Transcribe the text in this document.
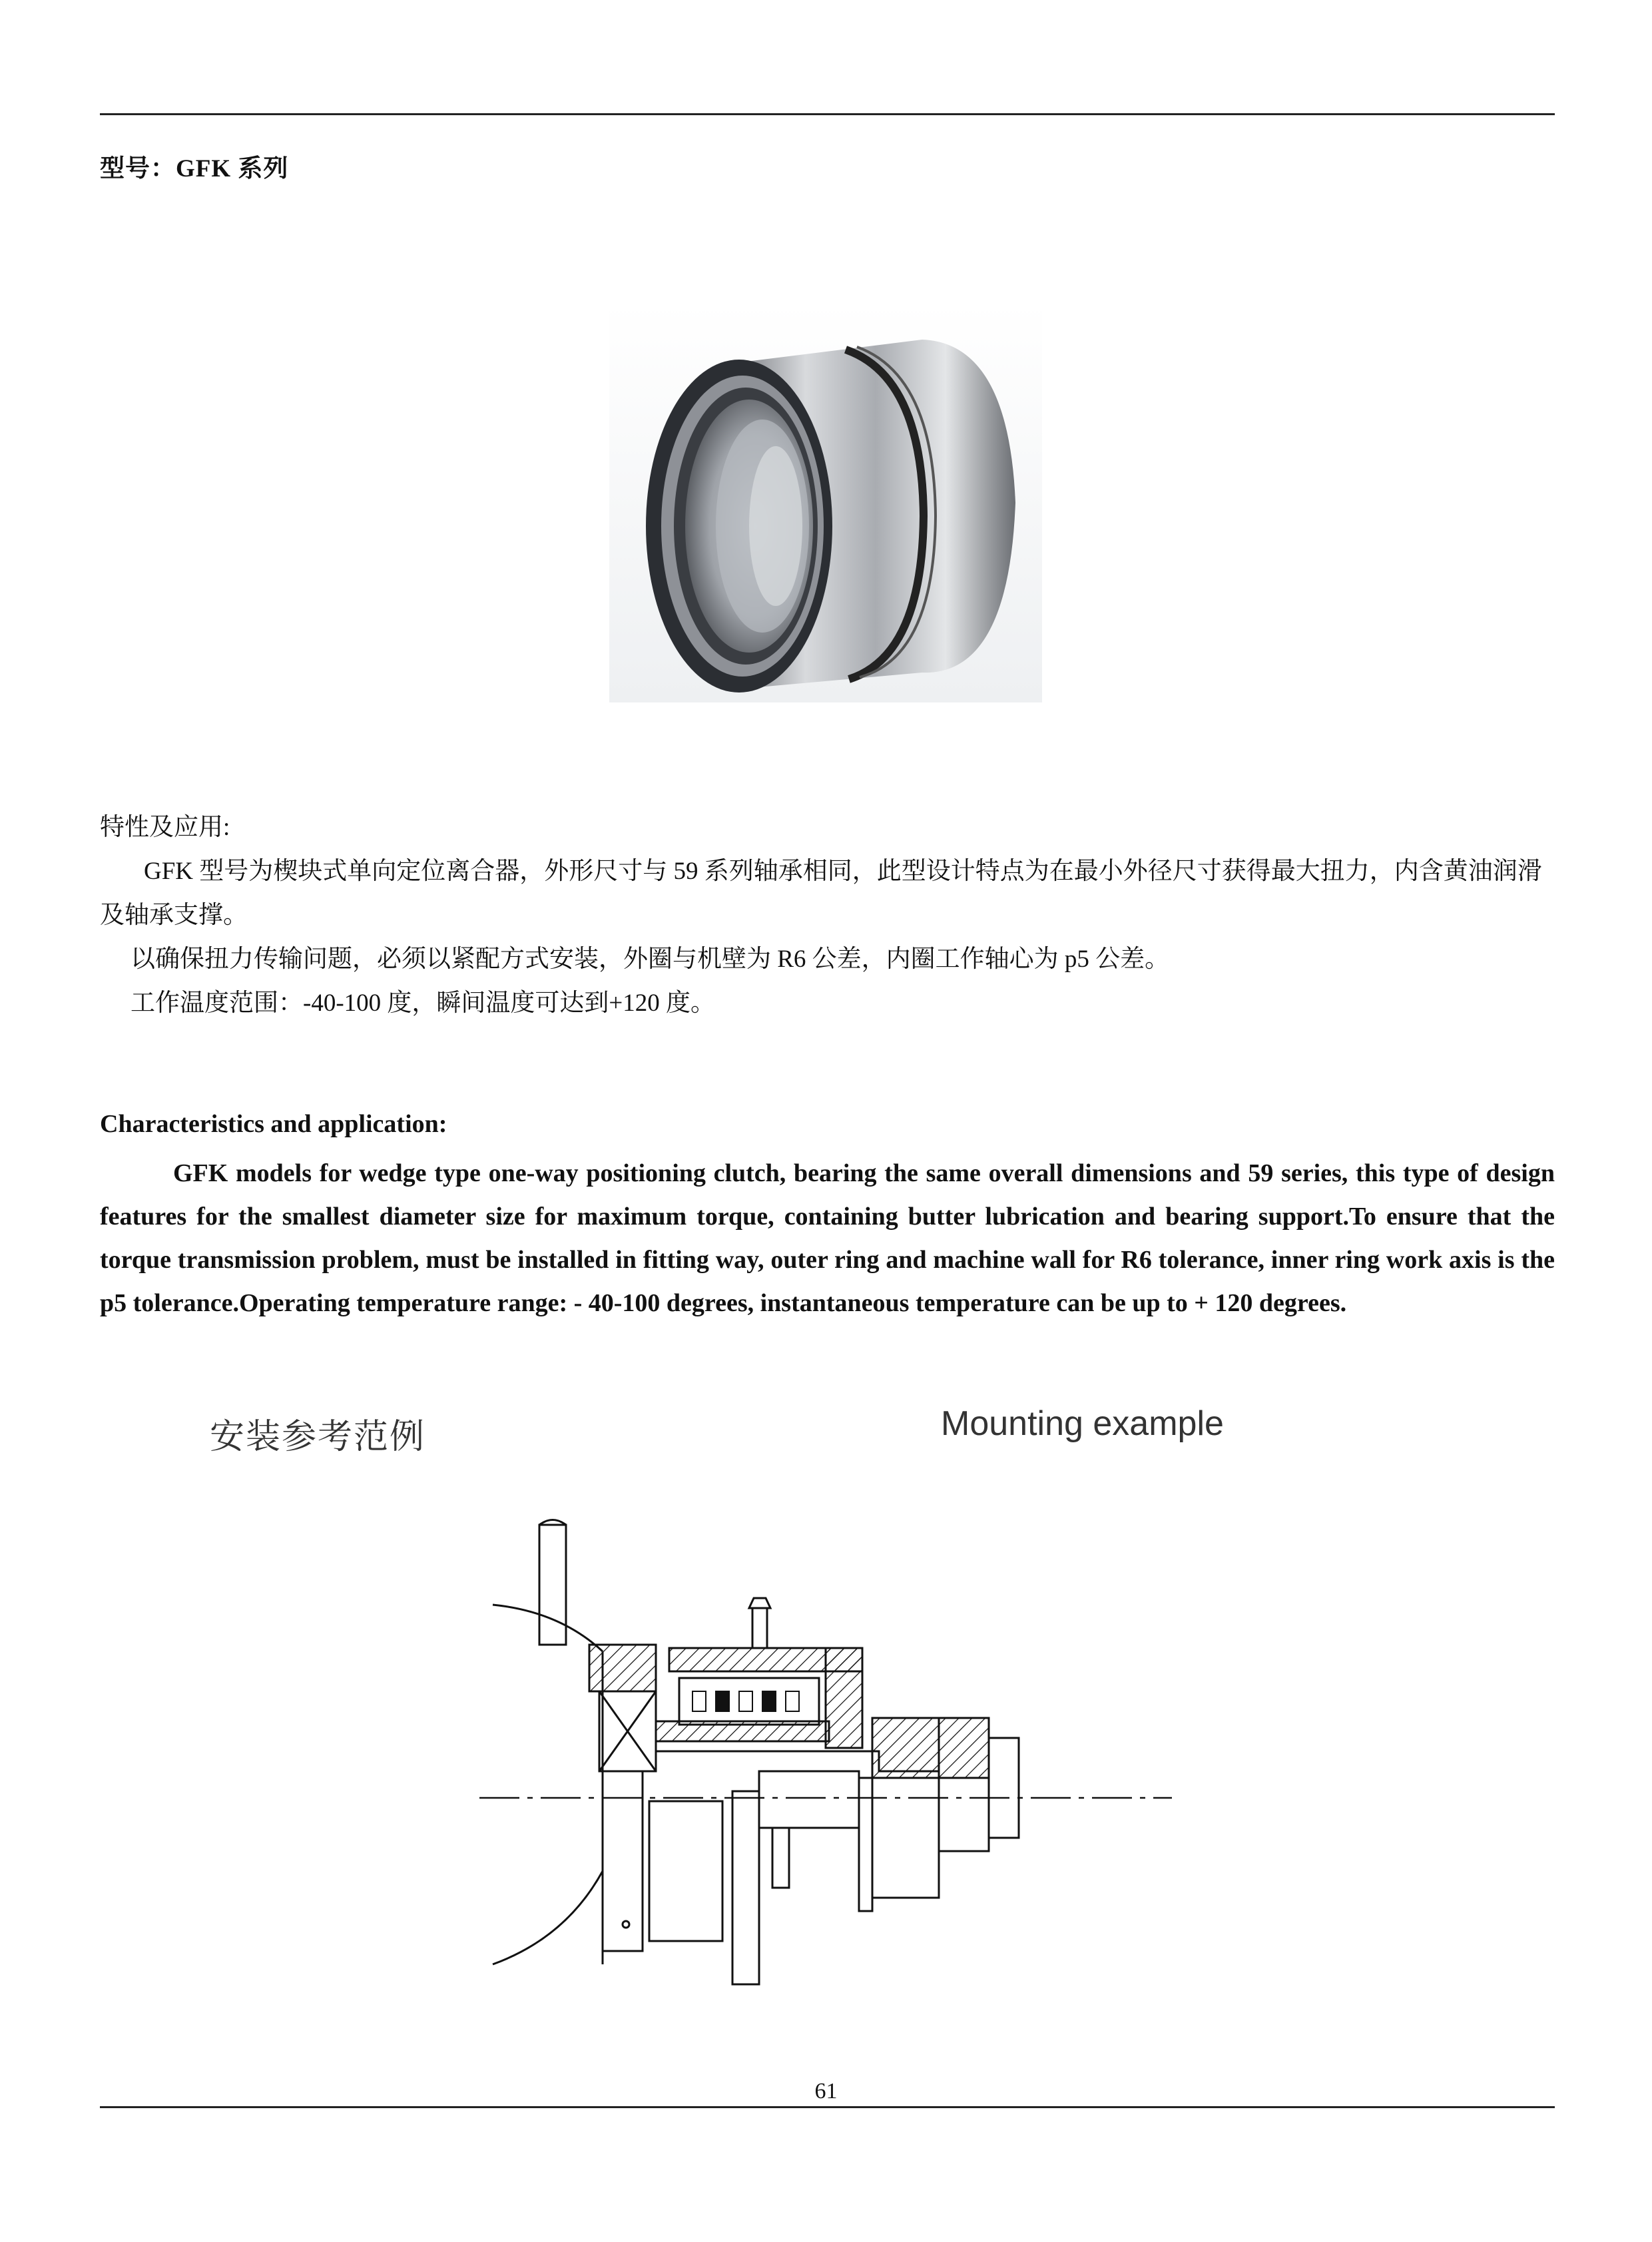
型号：GFK 系列
特性及应用:
GFK 型号为楔块式单向定位离合器，外形尺寸与 59 系列轴承相同，此型设计特点为在最小外径尺寸获得最大扭力，内含黄油润滑及轴承支撑。
以确保扭力传输问题，必须以紧配方式安装，外圈与机壁为 R6 公差，内圈工作轴心为 p5 公差。
工作温度范围：-40-100 度，瞬间温度可达到+120 度。
Characteristics and application:
GFK models for wedge type one-way positioning clutch, bearing the same overall dimensions and 59 series, this type of design features for the smallest diameter size for maximum torque, containing butter lubrication and bearing support.To ensure that the torque transmission problem, must be installed in fitting way, outer ring and machine wall for R6 tolerance, inner ring work axis is the p5 tolerance.Operating temperature range: - 40-100 degrees, instantaneous temperature can be up to + 120 degrees.
安装参考范例	Mounting example
61
